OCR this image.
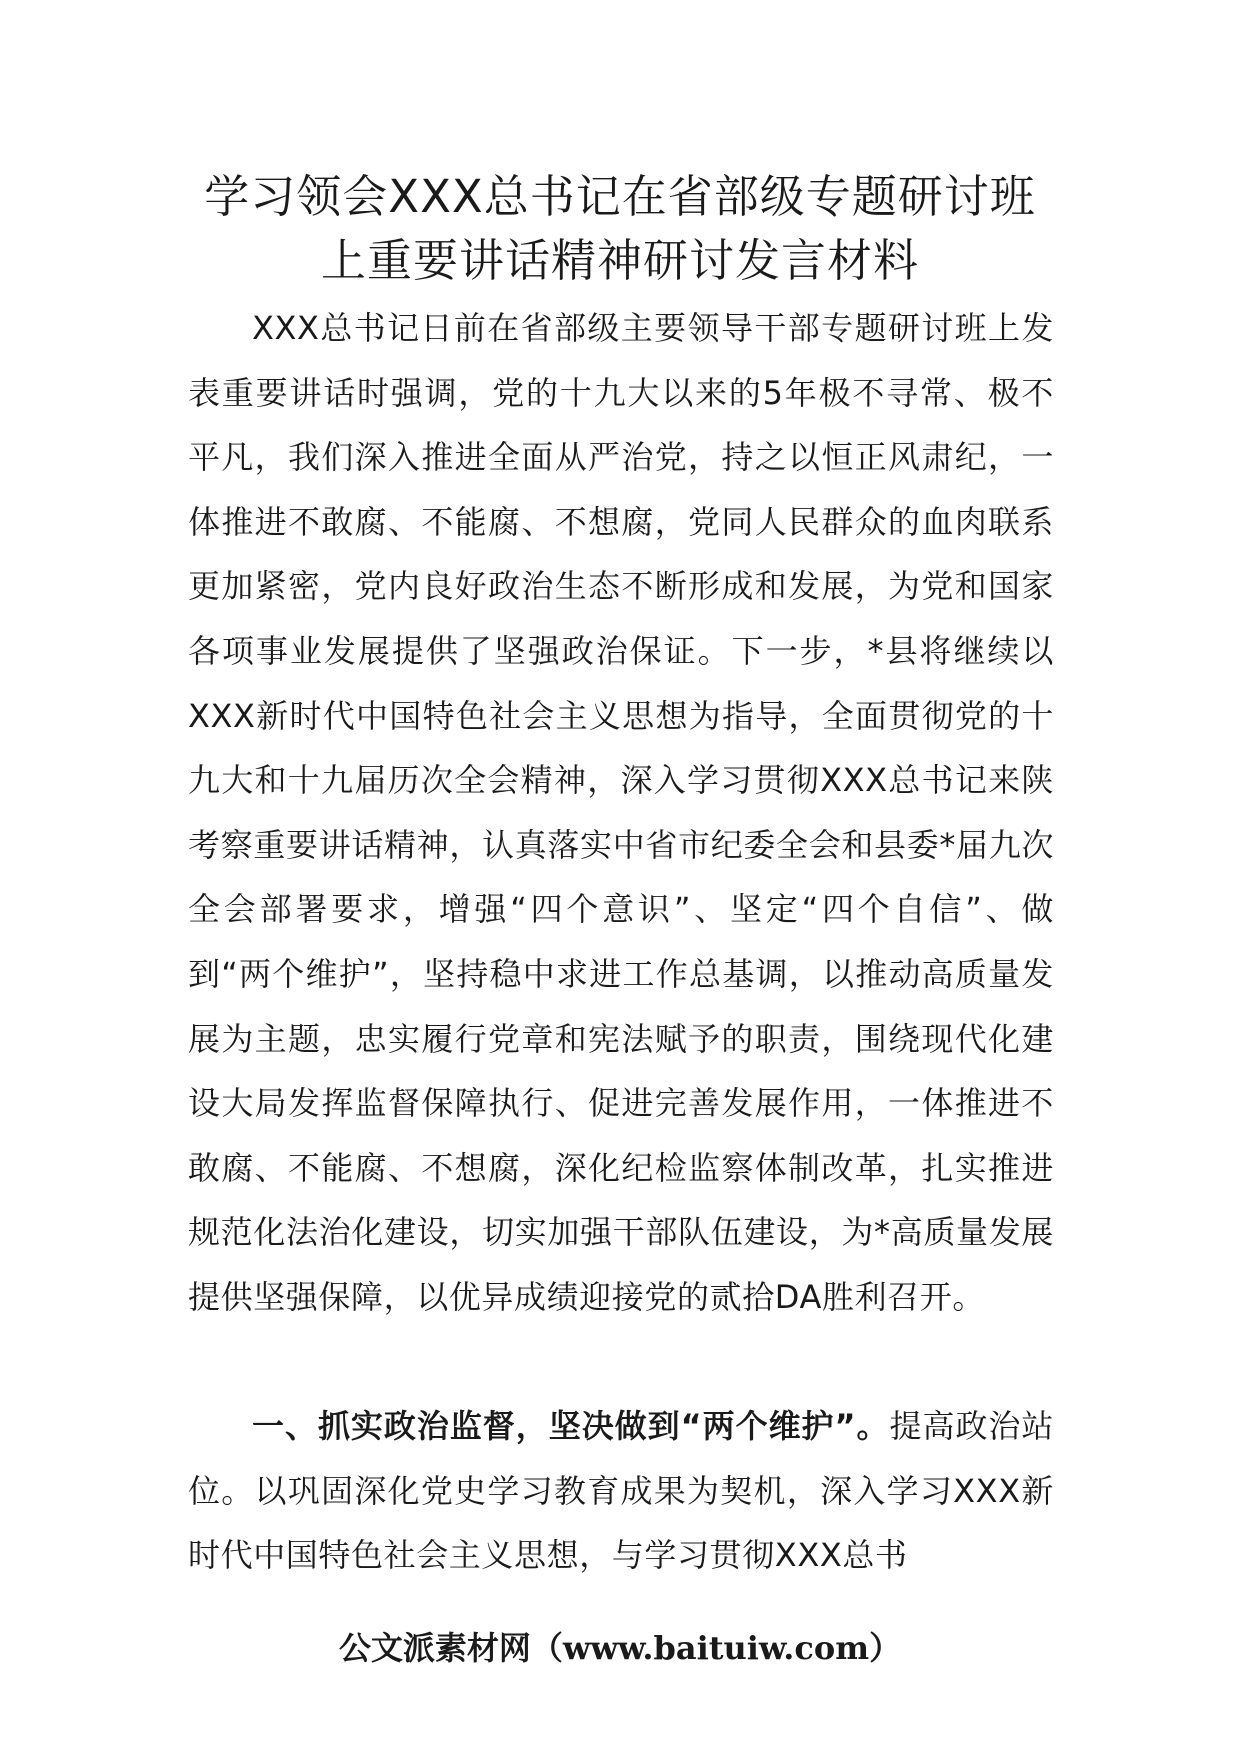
学习领会XXX总书记在省部级专题研讨班
上重要讲话精神研讨发言材料
XXX总书记日前在省部级主要领导干部专题研讨班上发表重要讲话时强调，党的十九大以来的5年极不寻常、极不平凡，我们深入推进全面从严治党，持之以恒正风肃纪，一体推进不敢腐、不能腐、不想腐，党同人民群众的血肉联系更加紧密，党内良好政治生态不断形成和发展，为党和国家各项事业发展提供了坚强政治保证。下一步，*县将继续以XXX新时代中国特色社会主义思想为指导，全面贯彻党的十九大和十九届历次全会精神，深入学习贯彻XXX总书记来陕考察重要讲话精神，认真落实中省市纪委全会和县委*届九次全会部署要求，增强“四个意识”、坚定“四个自信”、做到“两个维护”，坚持稳中求进工作总基调，以推动高质量发展为主题，忠实履行党章和宪法赋予的职责，围绕现代化建设大局发挥监督保障执行、促进完善发展作用，一体推进不敢腐、不能腐、不想腐，深化纪检监察体制改革，扎实推进规范化法治化建设，切实加强干部队伍建设，为*高质量发展提供坚强保障，以优异成绩迎接党的贰拾DA胜利召开。
一、抓实政治监督，坚决做到“两个维护”。提高政治站位。以巩固深化党史学习教育成果为契机，深入学习XXX新时代中国特色社会主义思想，与学习贯彻XXX总书
公文派素材网（www.baituiw.com）
